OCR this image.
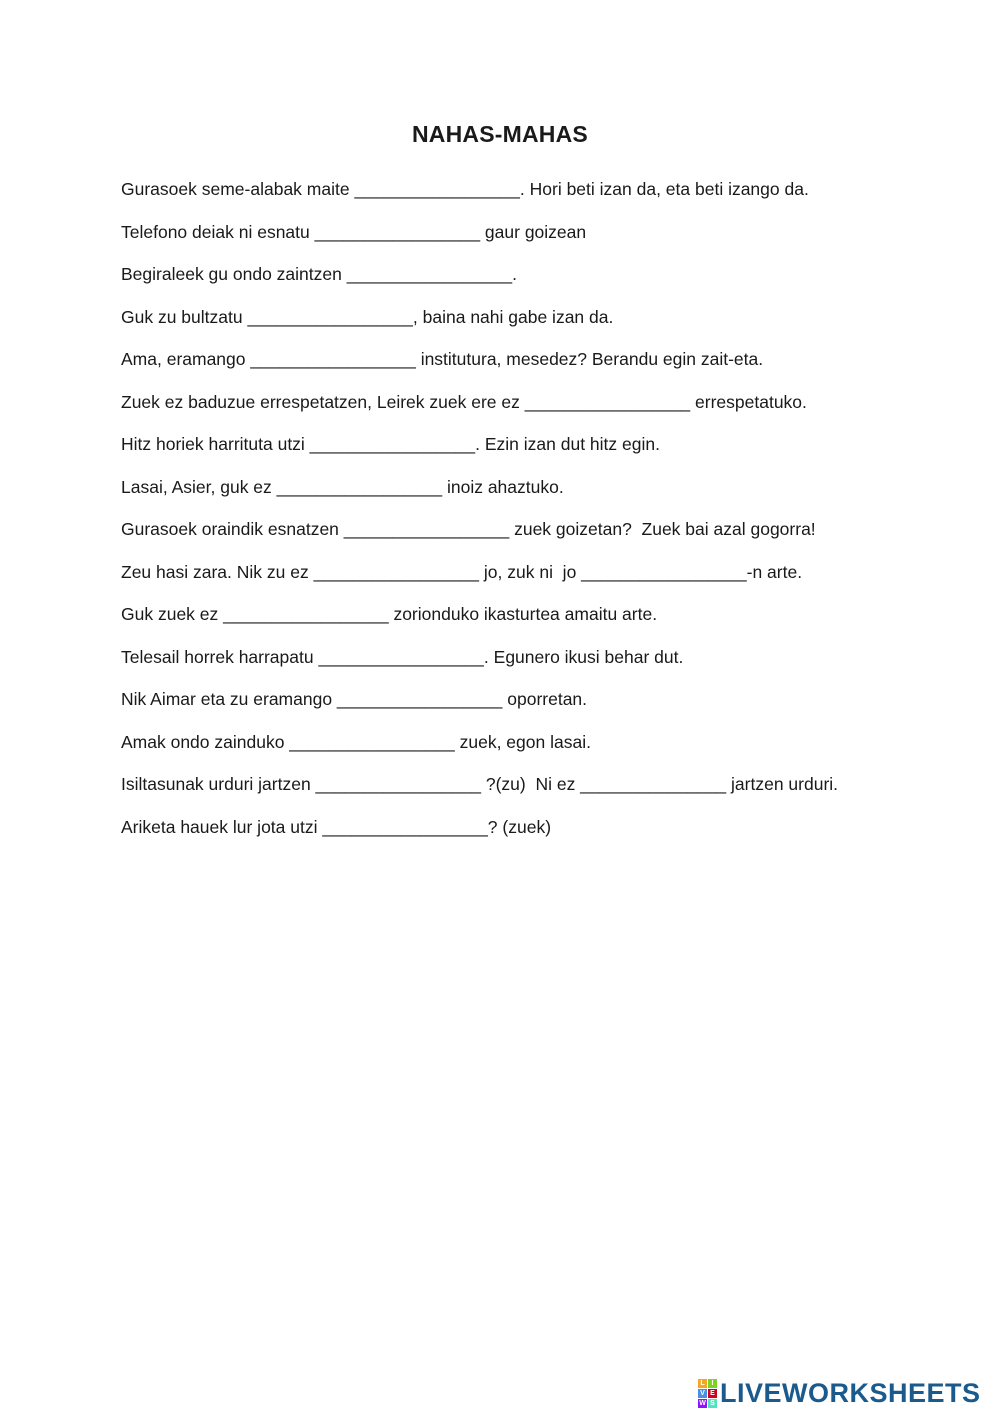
NAHAS-MAHAS
Gurasoek seme-alabak maite _________________. Hori beti izan da, eta beti izango da.
Telefono deiak ni esnatu _________________ gaur goizean
Begiraleek gu ondo zaintzen _________________.
Guk zu bultzatu _________________, baina nahi gabe izan da.
Ama, eramango _________________ institutura, mesedez? Berandu egin zait-eta.
Zuek ez baduzue errespetatzen, Leirek zuek ere ez _________________ errespetatuko.
Hitz horiek harrituta utzi _________________. Ezin izan dut hitz egin.
Lasai, Asier, guk ez _________________ inoiz ahaztuko.
Gurasoek oraindik esnatzen _________________ zuek goizetan?  Zuek bai azal gogorra!
Zeu hasi zara. Nik zu ez _________________ jo, zuk ni  jo _________________-n arte.
Guk zuek ez _________________ zorionduko ikasturtea amaitu arte.
Telesail horrek harrapatu _________________. Egunero ikusi behar dut.
Nik Aimar eta zu eramango _________________ oporretan.
Amak ondo zainduko _________________ zuek, egon lasai.
Isiltasunak urduri jartzen _________________ ?(zu)  Ni ez _______________ jartzen urduri.
Ariketa hauek lur jota utzi _________________? (zuek)
L I
V E
W S LIVEWORKSHEETS
